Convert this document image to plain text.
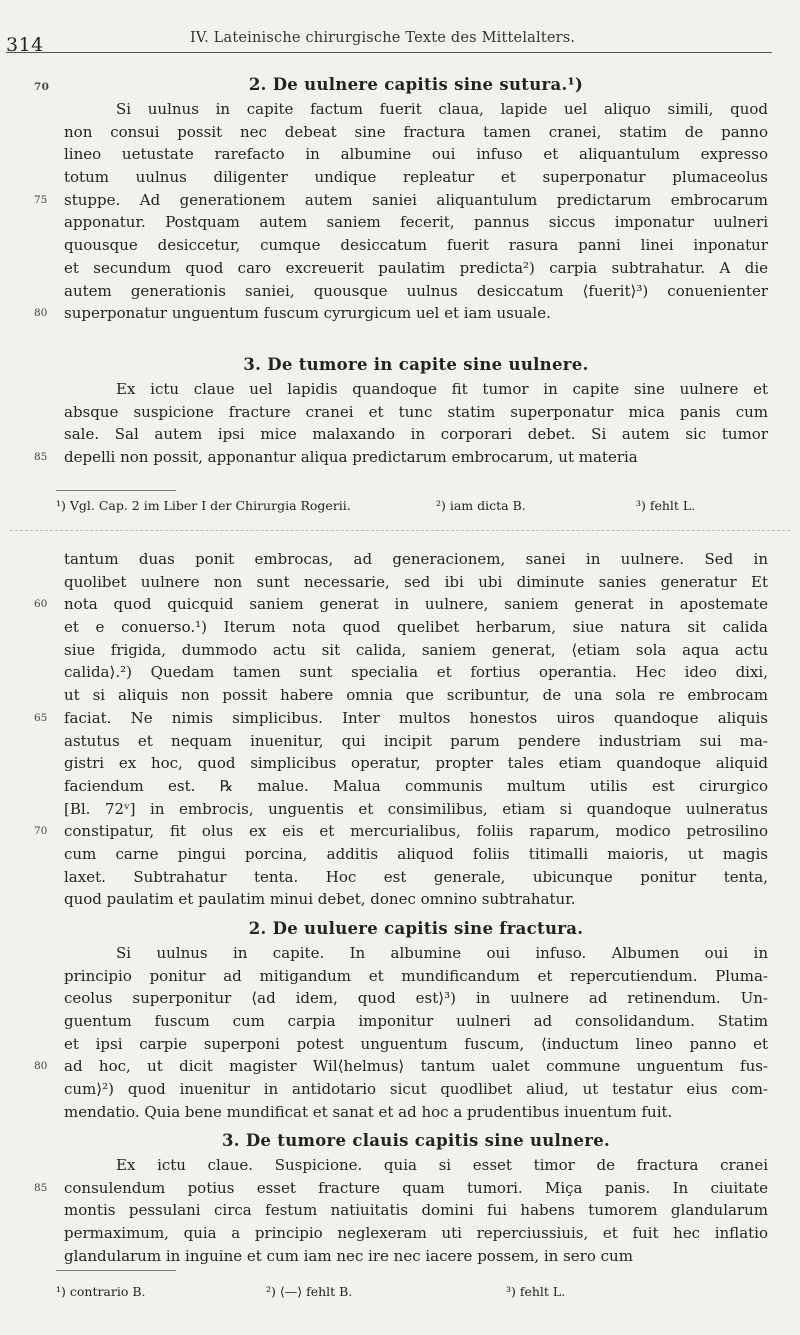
314	IV. Lateinische chirurgische Texte des Mittelalters.
70	2. De uulnere capitis sine sutura.¹)
Si uulnus in capite factum fuerit claua, lapide uel aliquo simili, quod
non consui possit nec debeat sine fractura tamen cranei, statim de panno
lineo uetustate rarefacto in albumine oui infuso et aliquantulum expresso
totum uulnus diligenter undique repleatur et superponatur plumaceolus
75	stuppe. Ad generationem autem saniei aliquantulum predictarum embrocarum
apponatur. Postquam autem saniem fecerit, pannus siccus imponatur uulneri
quousque desiccetur, cumque desiccatum fuerit rasura panni linei inponatur
et secundum quod caro excreuerit paulatim predicta²) carpia subtrahatur. A die
autem generationis saniei, quousque uulnus desiccatum ⟨fuerit⟩³) conuenienter
80	superponatur unguentum fuscum cyrurgicum uel et iam usuale.
3. De tumore in capite sine uulnere.
Ex ictu claue uel lapidis quandoque fit tumor in capite sine uulnere et
absque suspicione fracture cranei et tunc statim superponatur mica panis cum
sale. Sal autem ipsi mice malaxando in corporari debet. Si autem sic tumor
85	depelli non possit, apponantur aliqua predictarum embrocarum, ut materia
¹) Vgl. Cap. 2 im Liber I der Chirurgia Rogerii.	²) iam dicta B.	³) fehlt L.
tantum duas ponit embrocas, ad generacionem, sanei in uulnere. Sed in
quolibet uulnere non sunt necessarie, sed ibi ubi diminute sanies generatur Et
60	nota quod quicquid saniem generat in uulnere, saniem generat in apostemate
et e conuerso.¹) Iterum nota quod quelibet herbarum, siue natura sit calida
siue frigida, dummodo actu sit calida, saniem generat, ⟨etiam sola aqua actu
calida⟩.²) Quedam tamen sunt specialia et fortius operantia. Hec ideo dixi,
ut si aliquis non possit habere omnia que scribuntur, de una sola re embrocam
65	faciat. Ne nimis simplicibus. Inter multos honestos uiros quandoque aliquis
astutus et nequam inuenitur, qui incipit parum pendere industriam sui ma-
gistri ex hoc, quod simplicibus operatur, propter tales etiam quandoque aliquid
faciendum est. ℞ malue. Malua communis multum utilis est cirurgico
[Bl. 72ᵛ] in embrocis, unguentis et consimilibus, etiam si quandoque uulneratus
70	constipatur, fit olus ex eis et mercurialibus, foliis raparum, modico petrosilino
cum carne pingui porcina, additis aliquod foliis titimalli maioris, ut magis
laxet. Subtrahatur tenta. Hoc est generale, ubicunque ponitur tenta,
quod paulatim et paulatim minui debet, donec omnino subtrahatur.
2. De uuluere capitis sine fractura.
Si uulnus in capite. In albumine oui infuso. Albumen oui in
principio ponitur ad mitigandum et mundificandum et repercutiendum. Pluma-
ceolus superponitur ⟨ad idem, quod est⟩³) in uulnere ad retinendum. Un-
guentum fuscum cum carpia imponitur uulneri ad consolidandum. Statim
et ipsi carpie superponi potest unguentum fuscum, ⟨inductum lineo panno et
80	ad hoc, ut dicit magister Wil⟨helmus⟩ tantum ualet commune unguentum fus-
cum⟩²) quod inuenitur in antidotario sicut quodlibet aliud, ut testatur eius com-
mendatio. Quia bene mundificat et sanat et ad hoc a prudentibus inuentum fuit.
3. De tumore clauis capitis sine uulnere.
Ex ictu claue. Suspicione. quia si esset timor de fractura cranei
85	consulendum potius esset fracture quam tumori. Miça panis. In ciuitate
montis pessulani circa festum natiuitatis domini fui habens tumorem glandularum
permaximum, quia a principio neglexeram uti reperciussiuis, et fuit hec inflatio
glandularum in inguine et cum iam nec ire nec iacere possem, in sero cum
¹) contrario B.	²) ⟨—⟩ fehlt B.	³) fehlt L.
